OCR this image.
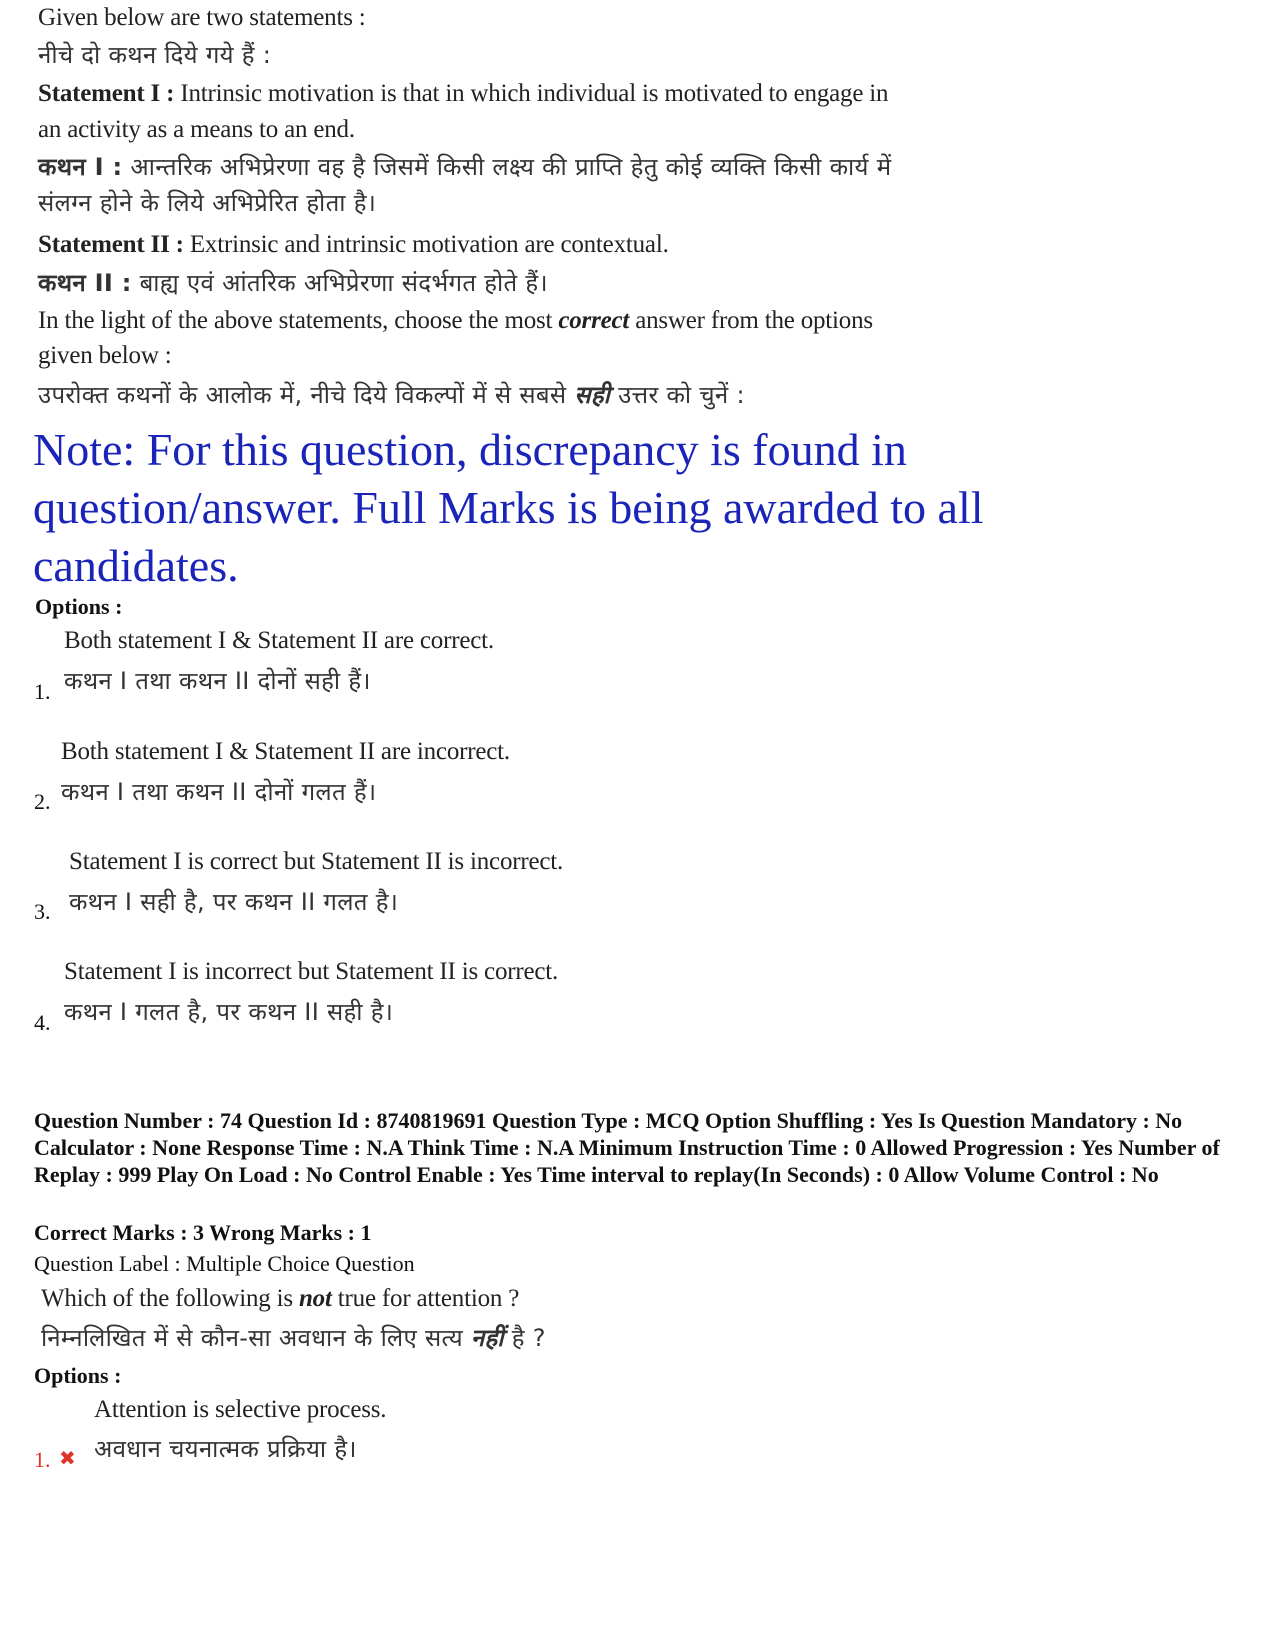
Given below are two statements :
नीचे दो कथन दिये गये हैं :
Statement I : Intrinsic motivation is that in which individual is motivated to engage in
an activity as a means to an end.
कथन I : आन्तरिक अभिप्रेरणा वह है जिसमें किसी लक्ष्य की प्राप्ति हेतु कोई व्यक्ति किसी कार्य में
संलग्न होने के लिये अभिप्रेरित होता है।
Statement II : Extrinsic and intrinsic motivation are contextual.
कथन II : बाह्य एवं आंतरिक अभिप्रेरणा संदर्भगत होते हैं।
In the light of the above statements, choose the most correct answer from the options
given below :
उपरोक्त कथनों के आलोक में, नीचे दिये विकल्पों में से सबसे सही उत्तर को चुनें :
Note: For this question, discrepancy is found in
question/answer. Full Marks is being awarded to all
candidates.
Options :
Both statement I & Statement II are correct.
कथन I तथा कथन II दोनों सही हैं।
1.
Both statement I & Statement II are incorrect.
कथन I तथा कथन II दोनों गलत हैं।
2.
Statement I is correct but Statement II is incorrect.
कथन I सही है, पर कथन II गलत है।
3.
Statement I is incorrect but Statement II is correct.
कथन I गलत है, पर कथन II सही है।
4.
Question Number : 74 Question Id : 8740819691 Question Type : MCQ Option Shuffling : Yes Is Question Mandatory : No Calculator : None Response Time : N.A Think Time : N.A Minimum Instruction Time : 0 Allowed Progression : Yes Number of Replay : 999 Play On Load : No Control Enable : Yes Time interval to replay(In Seconds) : 0 Allow Volume Control : No
Correct Marks : 3 Wrong Marks : 1
Question Label : Multiple Choice Question
Which of the following is not true for attention ?
निम्नलिखित में से कौन-सा अवधान के लिए सत्य नहीं है ?
Options :
Attention is selective process.
अवधान चयनात्मक प्रक्रिया है।
1. ✖
